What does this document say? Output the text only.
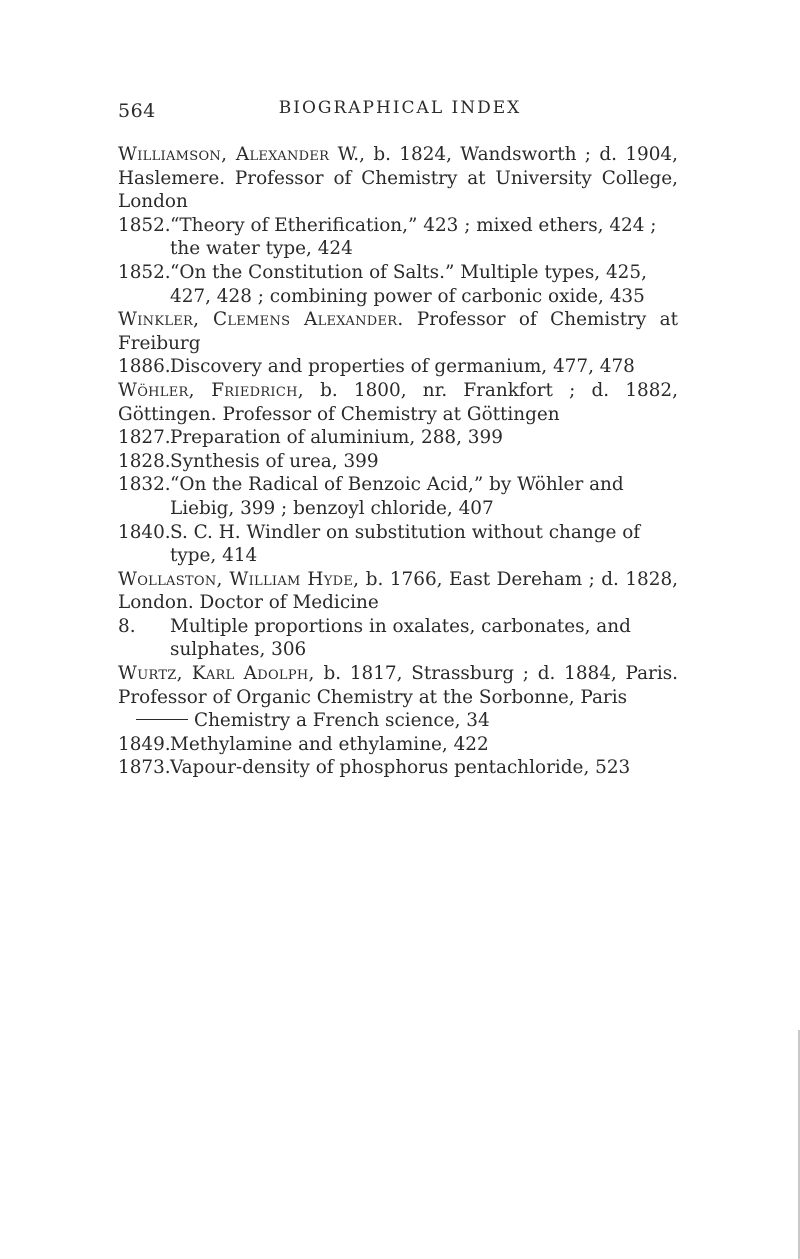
564	BIOGRAPHICAL INDEX
Williamson, Alexander W., b. 1824, Wandsworth ; d. 1904, Haslemere. Professor of Chemistry at University College, London
1852.“Theory of Etherification,” 423 ; mixed ethers, 424 ; the water type, 424
1852.“On the Constitution of Salts.” Multiple types, 425, 427, 428 ; combining power of carbonic oxide, 435
Winkler, Clemens Alexander. Professor of Chemistry at Freiburg
1886.Discovery and properties of germanium, 477, 478
Wöhler, Friedrich, b. 1800, nr. Frankfort ; d. 1882, Göttingen. Professor of Chemistry at Göttingen
1827.Preparation of aluminium, 288, 399
1828.Synthesis of urea, 399
1832.“On the Radical of Benzoic Acid,” by Wöhler and Liebig, 399 ; benzoyl chloride, 407
1840.S. C. H. Windler on substitution without change of type, 414
Wollaston, William Hyde, b. 1766, East Dereham ; d. 1828, London. Doctor of Medicine
8. Multiple proportions in oxalates, carbonates, and sulphates, 306
Wurtz, Karl Adolph, b. 1817, Strassburg ; d. 1884, Paris. Professor of Organic Chemistry at the Sorbonne, Paris
Chemistry a French science, 34
1849.Methylamine and ethylamine, 422
1873.Vapour-density of phosphorus pentachloride, 523
